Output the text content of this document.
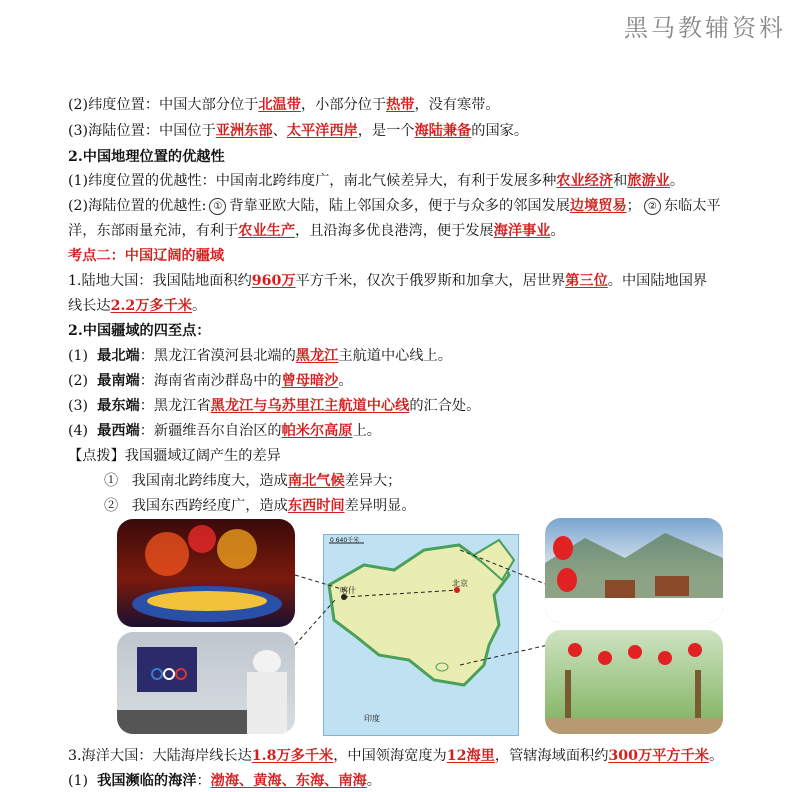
黑马教辅资料
(2)纬度位置：中国大部分位于北温带，小部分位于热带，没有寒带。
(3)海陆位置：中国位于亚洲东部、太平洋西岸，是一个海陆兼备的国家。
2.中国地理位置的优越性
(1)纬度位置的优越性：中国南北跨纬度广，南北气候差异大，有利于发展多种农业经济和旅游业。
(2)海陆位置的优越性: ① 背靠亚欧大陆，陆上邻国众多，便于与众多的邻国发展边境贸易； ② 东临太平
洋，东部雨量充沛，有利于农业生产，且沿海多优良港湾，便于发展海洋事业。
考点二：中国辽阔的疆域
1.陆地大国：我国陆地面积约960万平方千米，仅次于俄罗斯和加拿大，居世界第三位。中国陆地国界
线长达2.2万多千米。
2.中国疆域的四至点：
(1) 最北端：黑龙江省漠河县北端的黑龙江主航道中心线上。
(2) 最南端：海南省南沙群岛中的曾母暗沙。
(3) 最东端：黑龙江省黑龙江与乌苏里江主航道中心线的汇合处。
(4) 最西端：新疆维吾尔自治区的帕米尔高原上。
【点拨】我国疆域辽阔产生的差异
① 我国南北跨纬度大，造成南北气候差异大；
② 我国东西跨经度广，造成东西时间差异明显。
0 640千米
北京
喀什
印度
3.海洋大国：大陆海岸线长达1.8万多千米，中国领海宽度为12海里，管辖海域面积约300万平方千米。
(1) 我国濒临的海洋：渤海、黄海、东海、南海。
